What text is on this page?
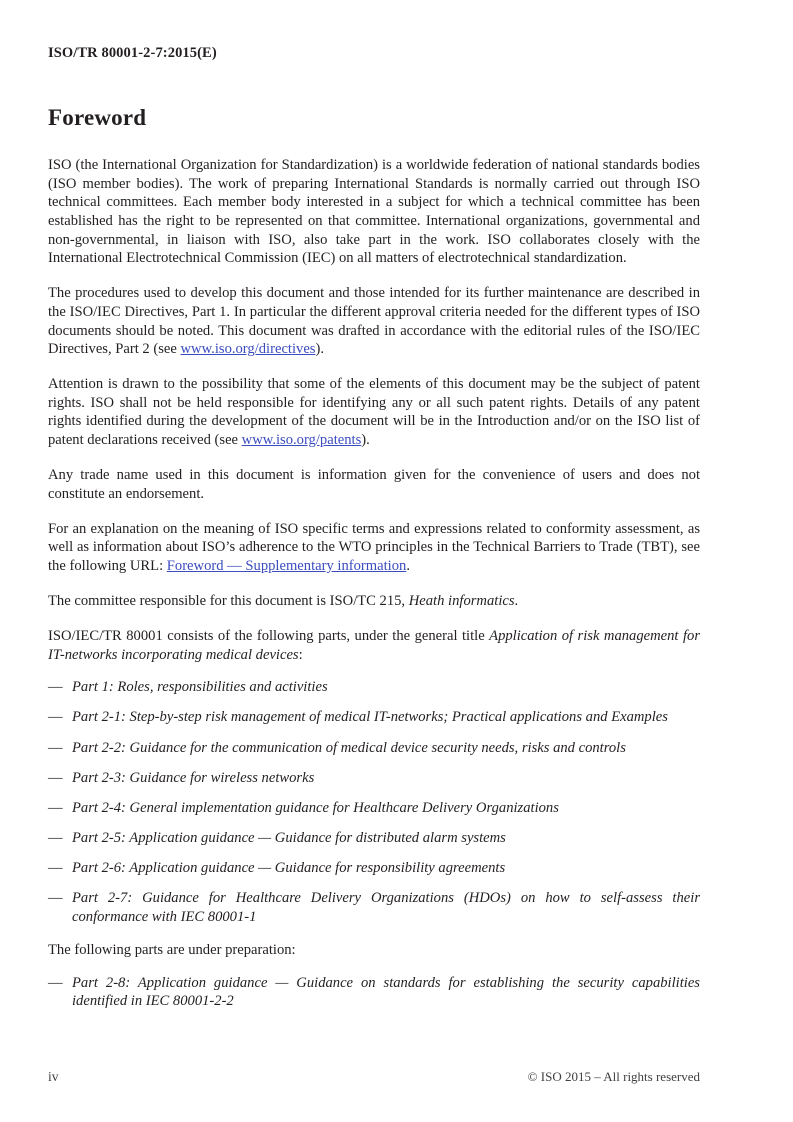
ISO/TR 80001-2-7:2015(E)
Foreword

ISO (the International Organization for Standardization) is a worldwide federation of national standards bodies (ISO member bodies). The work of preparing International Standards is normally carried out through ISO technical committees. Each member body interested in a subject for which a technical committee has been established has the right to be represented on that committee. International organizations, governmental and non-governmental, in liaison with ISO, also take part in the work. ISO collaborates closely with the International Electrotechnical Commission (IEC) on all matters of electrotechnical standardization.

The procedures used to develop this document and those intended for its further maintenance are described in the ISO/IEC Directives, Part 1. In particular the different approval criteria needed for the different types of ISO documents should be noted. This document was drafted in accordance with the editorial rules of the ISO/IEC Directives, Part 2 (see www.iso.org/directives).

Attention is drawn to the possibility that some of the elements of this document may be the subject of patent rights. ISO shall not be held responsible for identifying any or all such patent rights. Details of any patent rights identified during the development of the document will be in the Introduction and/or on the ISO list of patent declarations received (see www.iso.org/patents).

Any trade name used in this document is information given for the convenience of users and does not constitute an endorsement.

For an explanation on the meaning of ISO specific terms and expressions related to conformity assessment, as well as information about ISO’s adherence to the WTO principles in the Technical Barriers to Trade (TBT), see the following URL: Foreword — Supplementary information.

The committee responsible for this document is ISO/TC 215, Heath informatics.

ISO/IEC/TR 80001 consists of the following parts, under the general title Application of risk management for IT-networks incorporating medical devices:

— Part 1: Roles, responsibilities and activities
— Part 2-1: Step-by-step risk management of medical IT-networks; Practical applications and Examples
— Part 2-2: Guidance for the communication of medical device security needs, risks and controls
— Part 2-3: Guidance for wireless networks
— Part 2-4: General implementation guidance for Healthcare Delivery Organizations
— Part 2-5: Application guidance — Guidance for distributed alarm systems
— Part 2-6: Application guidance — Guidance for responsibility agreements
— Part 2-7: Guidance for Healthcare Delivery Organizations (HDOs) on how to self-assess their conformance with IEC 80001-1

The following parts are under preparation:

— Part 2-8: Application guidance — Guidance on standards for establishing the security capabilities identified in IEC 80001-2-2
iv	© ISO 2015 – All rights reserved
